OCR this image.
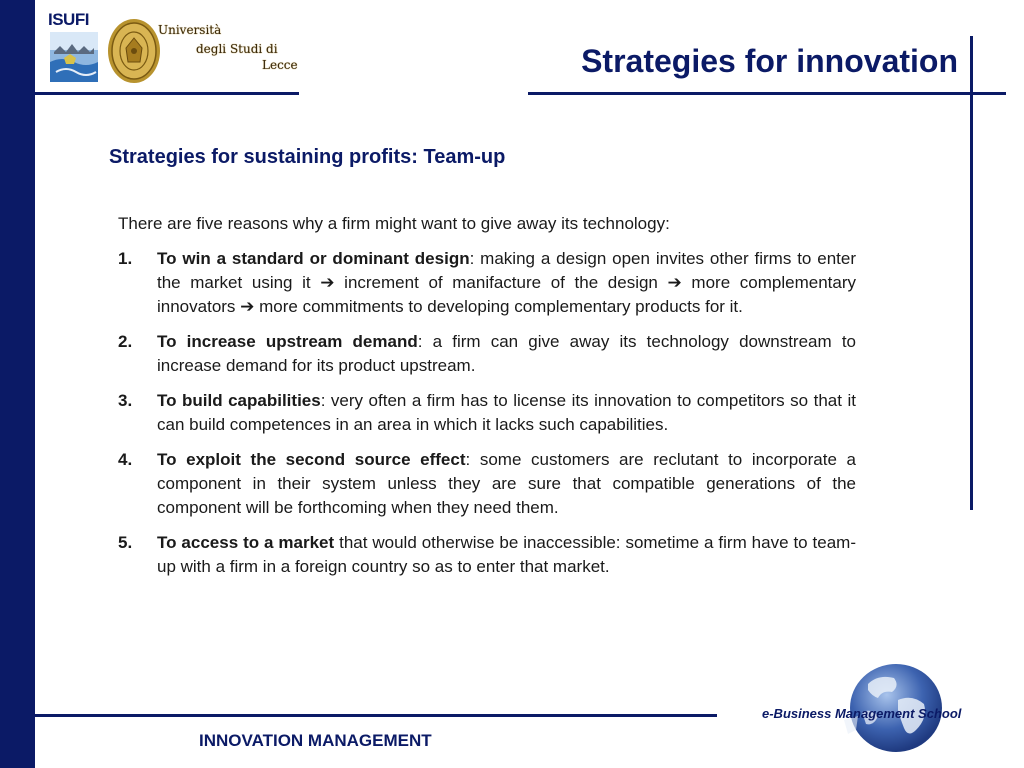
ISUFI
Università
degli Studi di
Lecce	Strategies for innovation
Strategies for sustaining profits: Team-up

There are five reasons why a firm might want to give away its technology:

1. To win a standard or dominant design: making a design open invites other firms to enter the market using it ➔ increment of manifacture of the design ➔ more complementary innovators ➔ more commitments to developing complementary products for it.
2. To increase upstream demand: a firm can give away its technology downstream to increase demand for its product upstream.
3. To build capabilities: very often a firm has to license its innovation to competitors so that it can build competences in an area in which it lacks such capabilities.
4. To exploit the second source effect: some customers are reclutant to incorporate a component in their system unless they are sure that compatible generations of the component will be forthcoming when they need them.
5. To access to a market that would otherwise be inaccessible: sometime a firm have to team-up with a firm in a foreign country so as to enter that market.
INNOVATION MANAGEMENT
e-Business Management School
